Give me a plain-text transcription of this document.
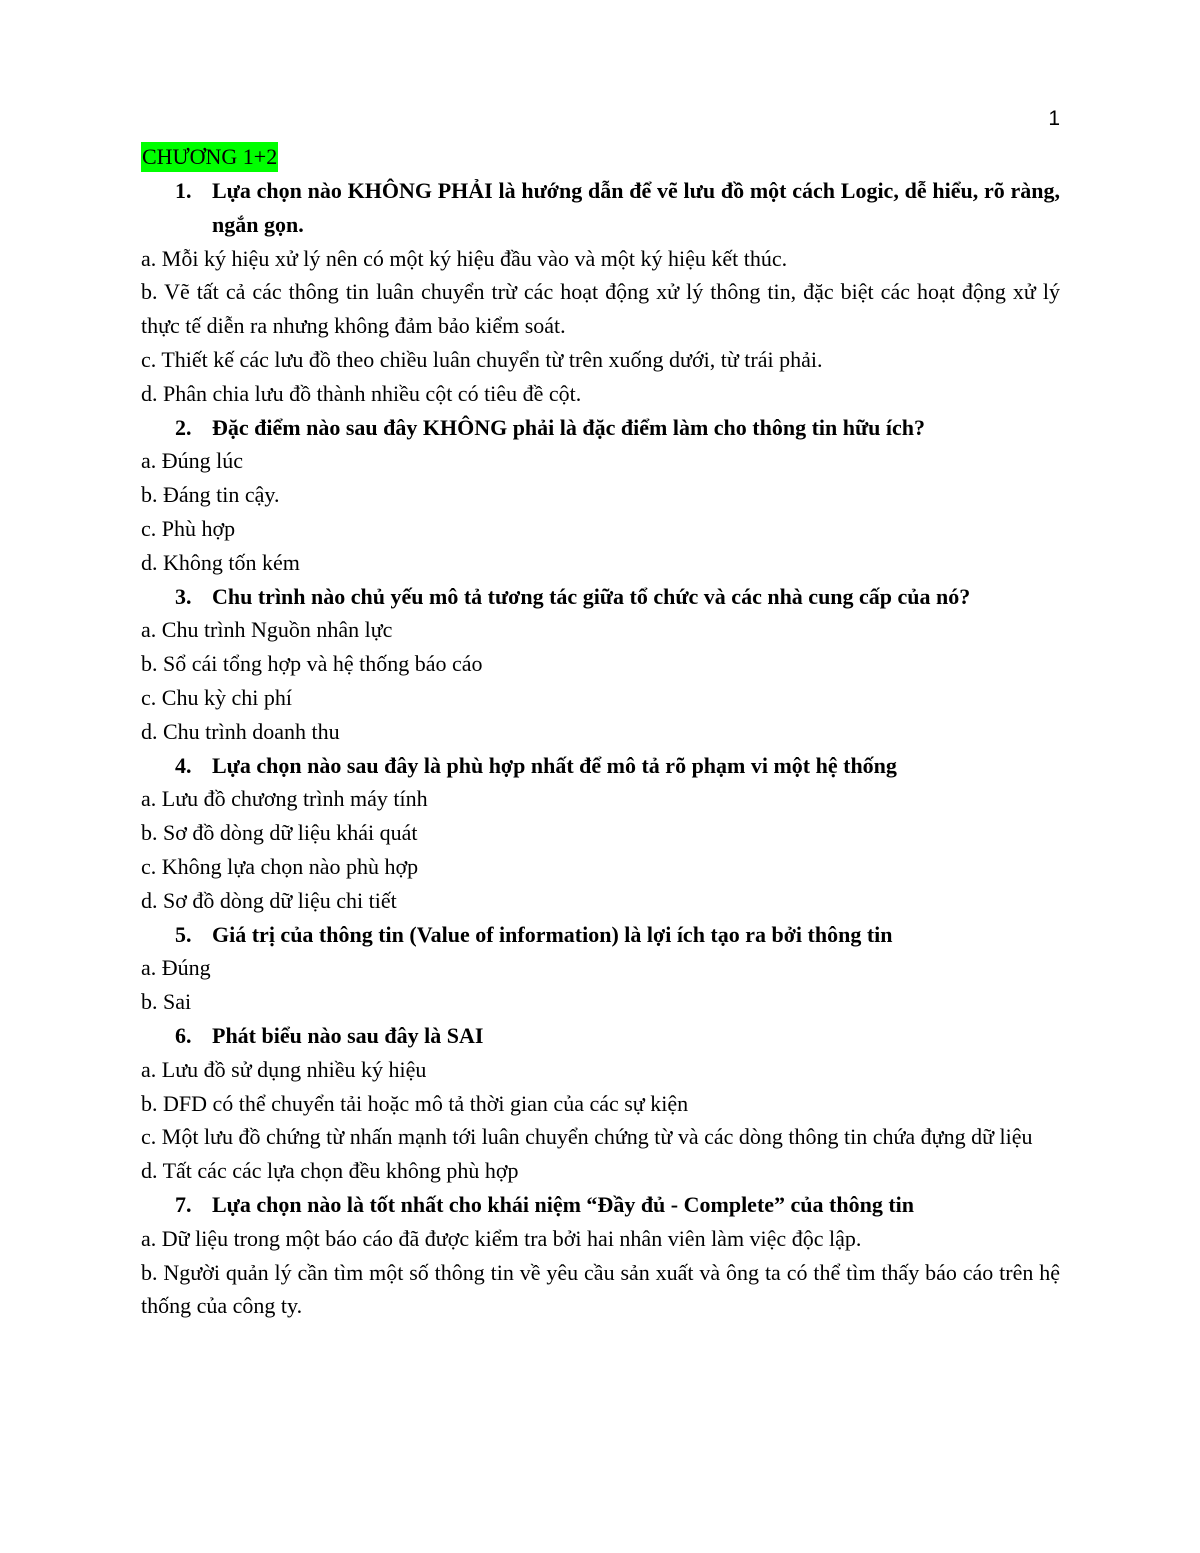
1
CHƯƠNG 1+2
1. Lựa chọn nào KHÔNG PHẢI là hướng dẫn để vẽ lưu đồ một cách Logic, dễ hiểu, rõ ràng, ngắn gọn.
a. Mỗi ký hiệu xử lý nên có một ký hiệu đầu vào và một ký hiệu kết thúc.
b. Vẽ tất cả các thông tin luân chuyển trừ các hoạt động xử lý thông tin, đặc biệt các hoạt động xử lý thực tế diễn ra nhưng không đảm bảo kiểm soát.
c. Thiết kế các lưu đồ theo chiều luân chuyển từ trên xuống dưới, từ trái phải.
d. Phân chia lưu đồ thành nhiều cột có tiêu đề cột.
2. Đặc điểm nào sau đây KHÔNG phải là đặc điểm làm cho thông tin hữu ích?
a. Đúng lúc
b. Đáng tin cậy.
c. Phù hợp
d. Không tốn kém
3. Chu trình nào chủ yếu mô tả tương tác giữa tổ chức và các nhà cung cấp của nó?
a. Chu trình Nguồn nhân lực
b. Sổ cái tổng hợp và hệ thống báo cáo
c. Chu kỳ chi phí
d. Chu trình doanh thu
4. Lựa chọn nào sau đây là phù hợp nhất để mô tả rõ phạm vi một hệ thống
a. Lưu đồ chương trình máy tính
b. Sơ đồ dòng dữ liệu khái quát
c. Không lựa chọn nào phù hợp
d. Sơ đồ dòng dữ liệu chi tiết
5. Giá trị của thông tin (Value of information) là lợi ích tạo ra bởi thông tin
a. Đúng
b. Sai
6. Phát biểu nào sau đây là SAI
a. Lưu đồ sử dụng nhiều ký hiệu
b. DFD có thể chuyển tải hoặc mô tả thời gian của các sự kiện
c. Một lưu đồ chứng từ nhấn mạnh tới luân chuyển chứng từ và các dòng thông tin chứa đựng dữ liệu
d. Tất các các lựa chọn đều không phù hợp
7. Lựa chọn nào là tốt nhất cho khái niệm “Đầy đủ - Complete” của thông tin
a. Dữ liệu trong một báo cáo đã được kiểm tra bởi hai nhân viên làm việc độc lập.
b. Người quản lý cần tìm một số thông tin về yêu cầu sản xuất và ông ta có thể tìm thấy báo cáo trên hệ thống của công ty.
